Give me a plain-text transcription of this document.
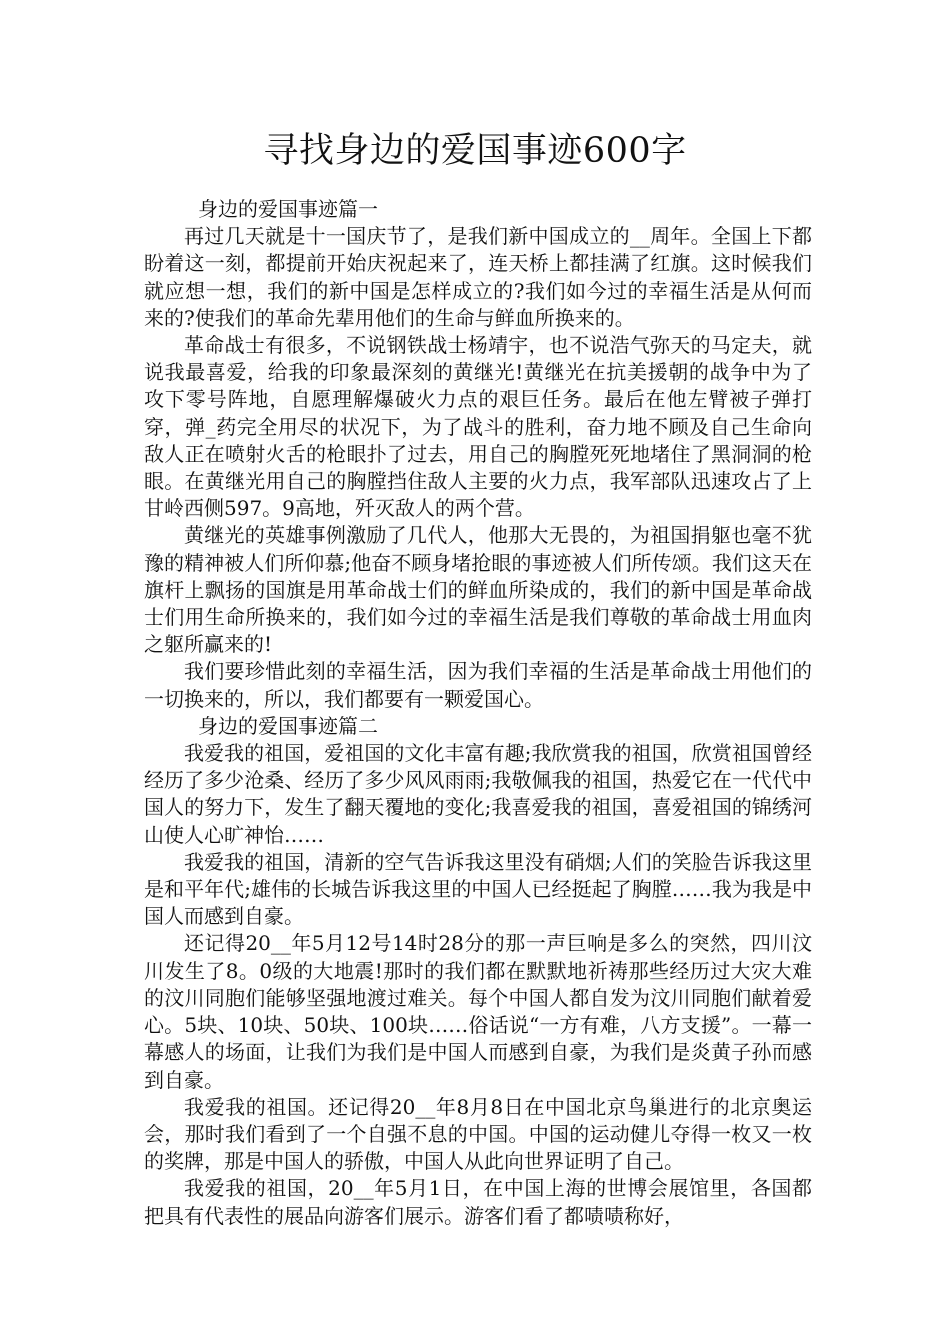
寻找身边的爱国事迹600字

身边的爱国事迹篇一

再过几天就是十一国庆节了，是我们新中国成立的__周年。全国上下都盼着这一刻，都提前开始庆祝起来了，连天桥上都挂满了红旗。这时候我们就应想一想，我们的新中国是怎样成立的?我们如今过的幸福生活是从何而来的?使我们的革命先辈用他们的生命与鲜血所换来的。

革命战士有很多，不说钢铁战士杨靖宇，也不说浩气弥天的马定夫，就说我最喜爱，给我的印象最深刻的黄继光!黄继光在抗美援朝的战争中为了攻下零号阵地，自愿理解爆破火力点的艰巨任务。最后在他左臂被子弹打穿，弹_药完全用尽的状况下，为了战斗的胜利，奋力地不顾及自己生命向敌人正在喷射火舌的枪眼扑了过去，用自己的胸膛死死地堵住了黑洞洞的枪眼。在黄继光用自己的胸膛挡住敌人主要的火力点，我军部队迅速攻占了上甘岭西侧597。9高地，歼灭敌人的两个营。

黄继光的英雄事例激励了几代人，他那大无畏的，为祖国捐躯也毫不犹豫的精神被人们所仰慕;他奋不顾身堵抢眼的事迹被人们所传颂。我们这天在旗杆上飘扬的国旗是用革命战士们的鲜血所染成的，我们的新中国是革命战士们用生命所换来的，我们如今过的幸福生活是我们尊敬的革命战士用血肉之躯所赢来的!

我们要珍惜此刻的幸福生活，因为我们幸福的生活是革命战士用他们的一切换来的，所以，我们都要有一颗爱国心。

身边的爱国事迹篇二

我爱我的祖国，爱祖国的文化丰富有趣;我欣赏我的祖国，欣赏祖国曾经经历了多少沧桑、经历了多少风风雨雨;我敬佩我的祖国，热爱它在一代代中国人的努力下，发生了翻天覆地的变化;我喜爱我的祖国，喜爱祖国的锦绣河山使人心旷神怡……

我爱我的祖国，清新的空气告诉我这里没有硝烟;人们的笑脸告诉我这里是和平年代;雄伟的长城告诉我这里的中国人已经挺起了胸膛……我为我是中国人而感到自豪。

还记得20__年5月12号14时28分的那一声巨响是多么的突然，四川汶川发生了8。0级的大地震!那时的我们都在默默地祈祷那些经历过大灾大难的汶川同胞们能够坚强地渡过难关。每个中国人都自发为汶川同胞们献着爱心。5块、10块、50块、100块……俗话说“一方有难，八方支援”。一幕一幕感人的场面，让我们为我们是中国人而感到自豪，为我们是炎黄子孙而感到自豪。

我爱我的祖国。还记得20__年8月8日在中国北京鸟巢进行的北京奥运会，那时我们看到了一个自强不息的中国。中国的运动健儿夺得一枚又一枚的奖牌，那是中国人的骄傲，中国人从此向世界证明了自己。

我爱我的祖国，20__年5月1日，在中国上海的世博会展馆里，各国都把具有代表性的展品向游客们展示。游客们看了都啧啧称好，
